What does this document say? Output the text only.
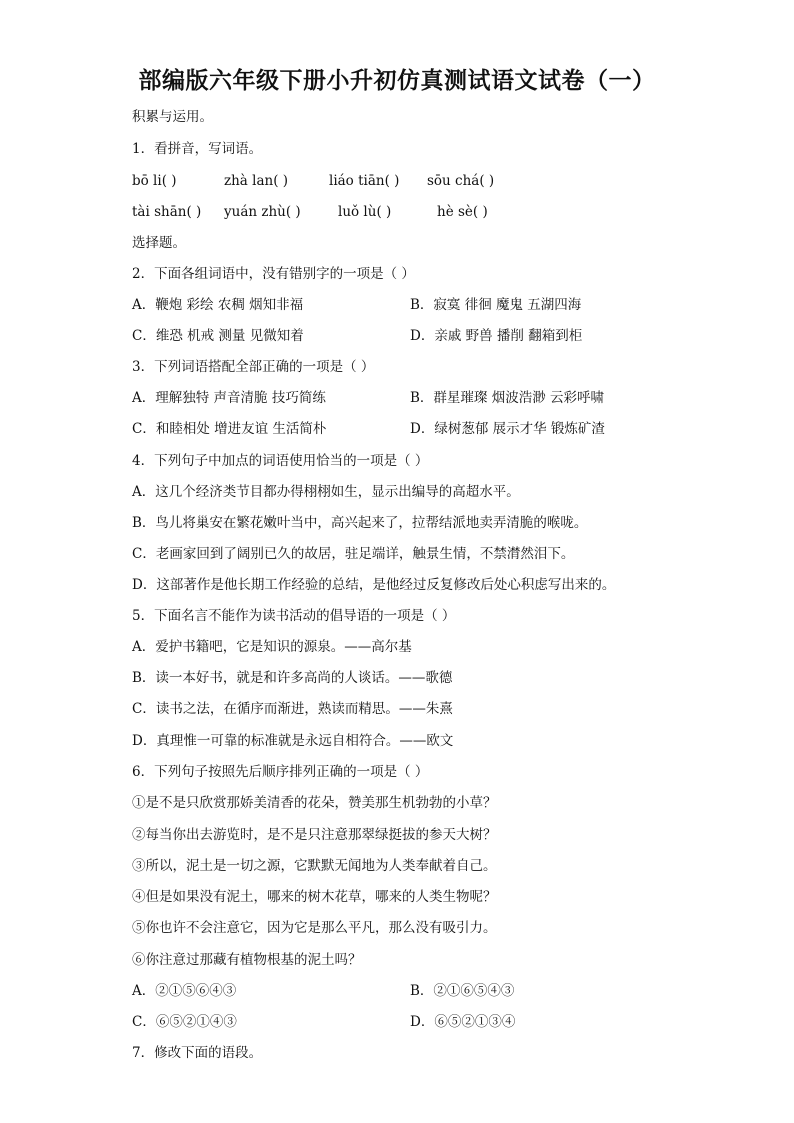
部编版六年级下册小升初仿真测试语文试卷（一）
积累与运用。
1．看拼音，写词语。
bō li( )	zhà lan( )	liáo tiān( ) sōu chá( )
tài shān( ) yuán zhù( )	luǒ lù( )	hè sè( )
选择题。
2．下面各组词语中，没有错别字的一项是（ ）
A．鞭炮 彩绘 农稠 烟知非福	B．寂寞 徘徊 魔鬼 五湖四海
C．维恐 机戒 测量 见微知着	D．亲戚 野兽 播削 翻箱到柜
3．下列词语搭配全部正确的一项是（ ）
A．理解独特 声音清脆 技巧简练	B．群星璀璨 烟波浩渺 云彩呼啸
C．和睦相处 增进友谊 生活简朴	D．绿树葱郁 展示才华 锻炼矿渣
4．下列句子中加点的词语使用恰当的一项是（ ）
A．这几个经济类节目都办得栩栩如生，显示出编导的高超水平。
B．鸟儿将巢安在繁花嫩叶当中，高兴起来了，拉帮结派地卖弄清脆的喉咙。
C．老画家回到了阔别已久的故居，驻足端详，触景生情，不禁潸然泪下。
D．这部著作是他长期工作经验的总结，是他经过反复修改后处心积虑写出来的。
5．下面名言不能作为读书活动的倡导语的一项是（ ）
A．爱护书籍吧，它是知识的源泉。——高尔基
B．读一本好书，就是和许多高尚的人谈话。——歌德
C．读书之法，在循序而渐进，熟读而精思。——朱熹
D．真理惟一可靠的标准就是永远自相符合。——欧文
6．下列句子按照先后顺序排列正确的一项是（ ）
①是不是只欣赏那娇美清香的花朵，赞美那生机勃勃的小草？
②每当你出去游览时，是不是只注意那翠绿挺拔的参天大树？
③所以，泥土是一切之源，它默默无闻地为人类奉献着自己。
④但是如果没有泥土，哪来的树木花草，哪来的人类生物呢？
⑤你也许不会注意它，因为它是那么平凡，那么没有吸引力。
⑥你注意过那藏有植物根基的泥土吗？
A．②①⑤⑥④③	B．②①⑥⑤④③
C．⑥⑤②①④③	D．⑥⑤②①③④
7．修改下面的语段。
